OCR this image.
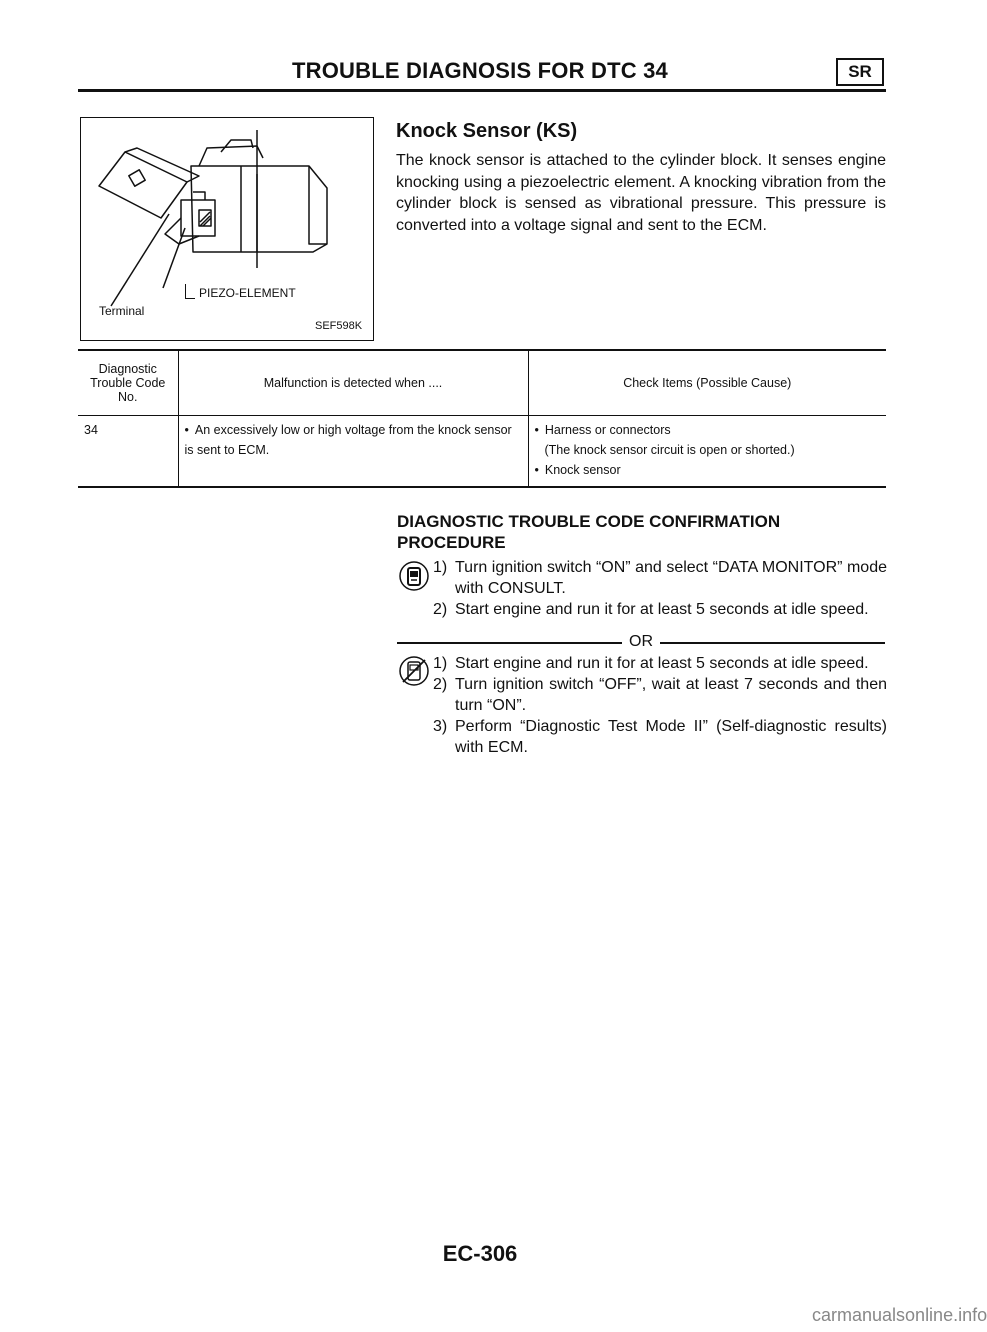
TROUBLE DIAGNOSIS FOR DTC 34	SR
PIEZO-ELEMENT
Terminal
SEF598K
Knock Sensor (KS)
The knock sensor is attached to the cylinder block. It senses engine knocking using a piezoelectric element. A knocking vibration from the cylinder block is sensed as vibrational pressure. This pressure is converted into a voltage signal and sent to the ECM.
Diagnostic Trouble Code No.	Malfunction is detected when ....	Check Items (Possible Cause)
34	• An excessively low or high voltage from the knock sensor is sent to ECM.	• Harness or connectors
(The knock sensor circuit is open or shorted.)
• Knock sensor
DIAGNOSTIC TROUBLE CODE CONFIRMATION PROCEDURE
1) Turn ignition switch “ON” and select “DATA MONITOR” mode with CONSULT.
2) Start engine and run it for at least 5 seconds at idle speed.
OR
1) Start engine and run it for at least 5 seconds at idle speed.
2) Turn ignition switch “OFF”, wait at least 7 seconds and then turn “ON”.
3) Perform “Diagnostic Test Mode II” (Self-diagnostic results) with ECM.
EC-306
carmanualsonline.info
